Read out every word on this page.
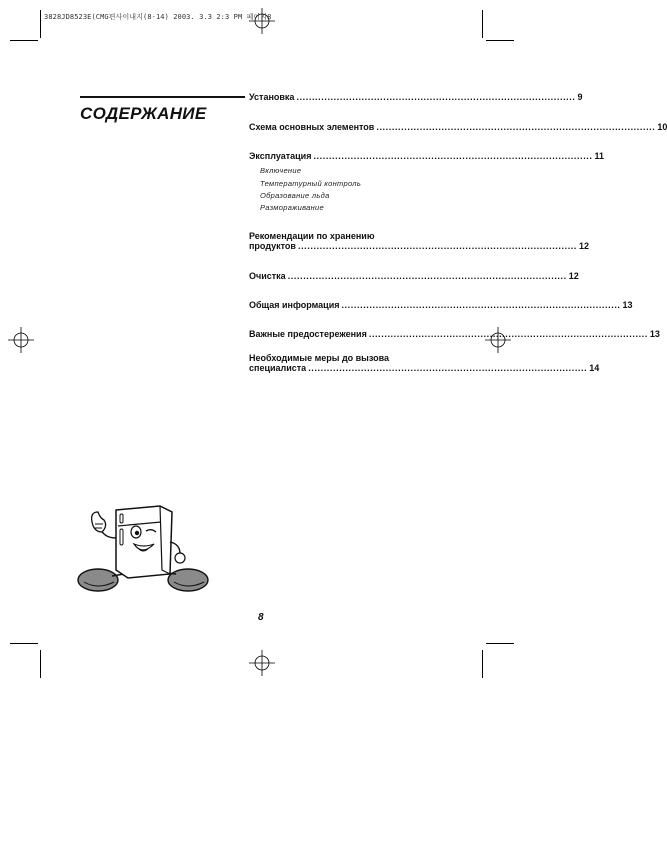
3828JD8523E(CMG편사이내지(8-14) 2003. 3.3 2:3 PM 페이지8
СОДЕРЖАНИЕ
Установка .......................................................................................... 9
Схема основных элементов .......................................................................................... 10
Эксплуатация .......................................................................................... 11
Включение
Температурный контроль
Образование льда
Размораживание
Рекомендации по хранению
продуктов .......................................................................................... 12
Очистка .......................................................................................... 12
Общая информация .......................................................................................... 13
Важные предостережения .......................................................................................... 13
Необходимые меры до вызова
специалиста .......................................................................................... 14
8
